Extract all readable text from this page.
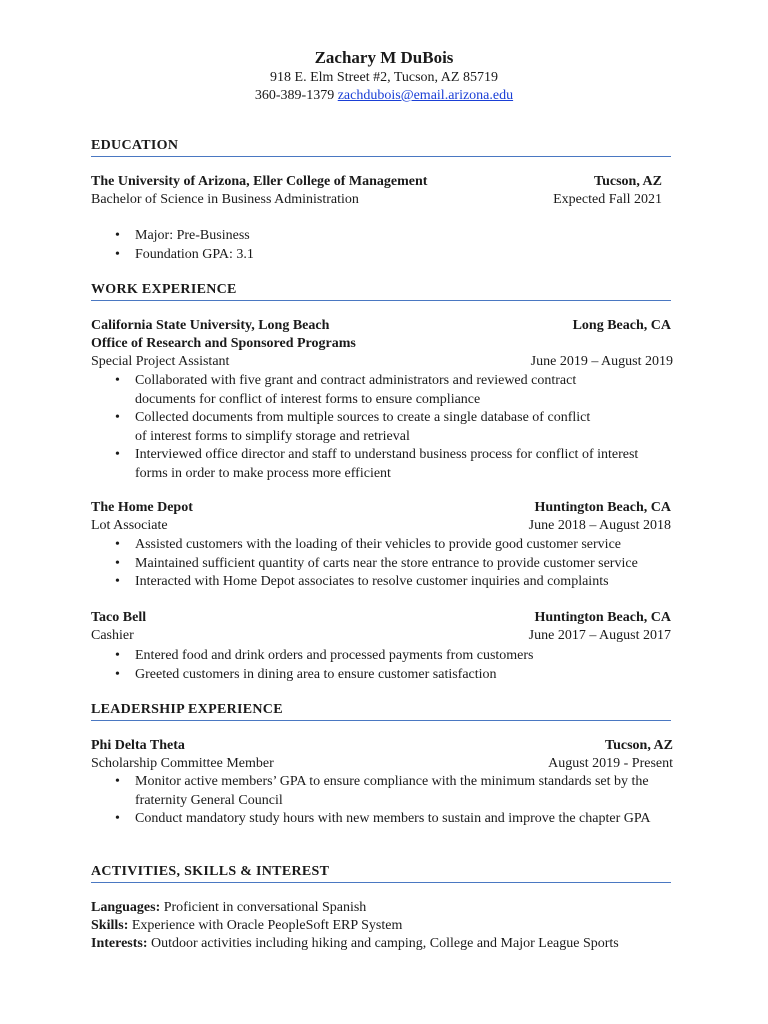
Zachary M DuBois
918 E. Elm Street #2, Tucson, AZ 85719
360-389-1379 zachdubois@email.arizona.edu
EDUCATION
The University of Arizona, Eller College of Management	Tucson, AZ
Bachelor of Science in Business Administration	Expected Fall 2021
• Major: Pre-Business
• Foundation GPA: 3.1
WORK EXPERIENCE
California State University, Long Beach	Long Beach, CA
Office of Research and Sponsored Programs
Special Project Assistant	June 2019 – August 2019
• Collaborated with five grant and contract administrators and reviewed contract documents for conflict of interest forms to ensure compliance
• Collected documents from multiple sources to create a single database of conflict of interest forms to simplify storage and retrieval
• Interviewed office director and staff to understand business process for conflict of interest forms in order to make process more efficient
The Home Depot	Huntington Beach, CA
Lot Associate	June 2018 – August 2018
• Assisted customers with the loading of their vehicles to provide good customer service
• Maintained sufficient quantity of carts near the store entrance to provide customer service
• Interacted with Home Depot associates to resolve customer inquiries and complaints
Taco Bell	Huntington Beach, CA
Cashier	June 2017 – August 2017
• Entered food and drink orders and processed payments from customers
• Greeted customers in dining area to ensure customer satisfaction
LEADERSHIP EXPERIENCE
Phi Delta Theta	Tucson, AZ
Scholarship Committee Member	August 2019 - Present
• Monitor active members’ GPA to ensure compliance with the minimum standards set by the fraternity General Council
• Conduct mandatory study hours with new members to sustain and improve the chapter GPA
ACTIVITIES, SKILLS & INTEREST
Languages: Proficient in conversational Spanish
Skills: Experience with Oracle PeopleSoft ERP System
Interests: Outdoor activities including hiking and camping, College and Major League Sports
